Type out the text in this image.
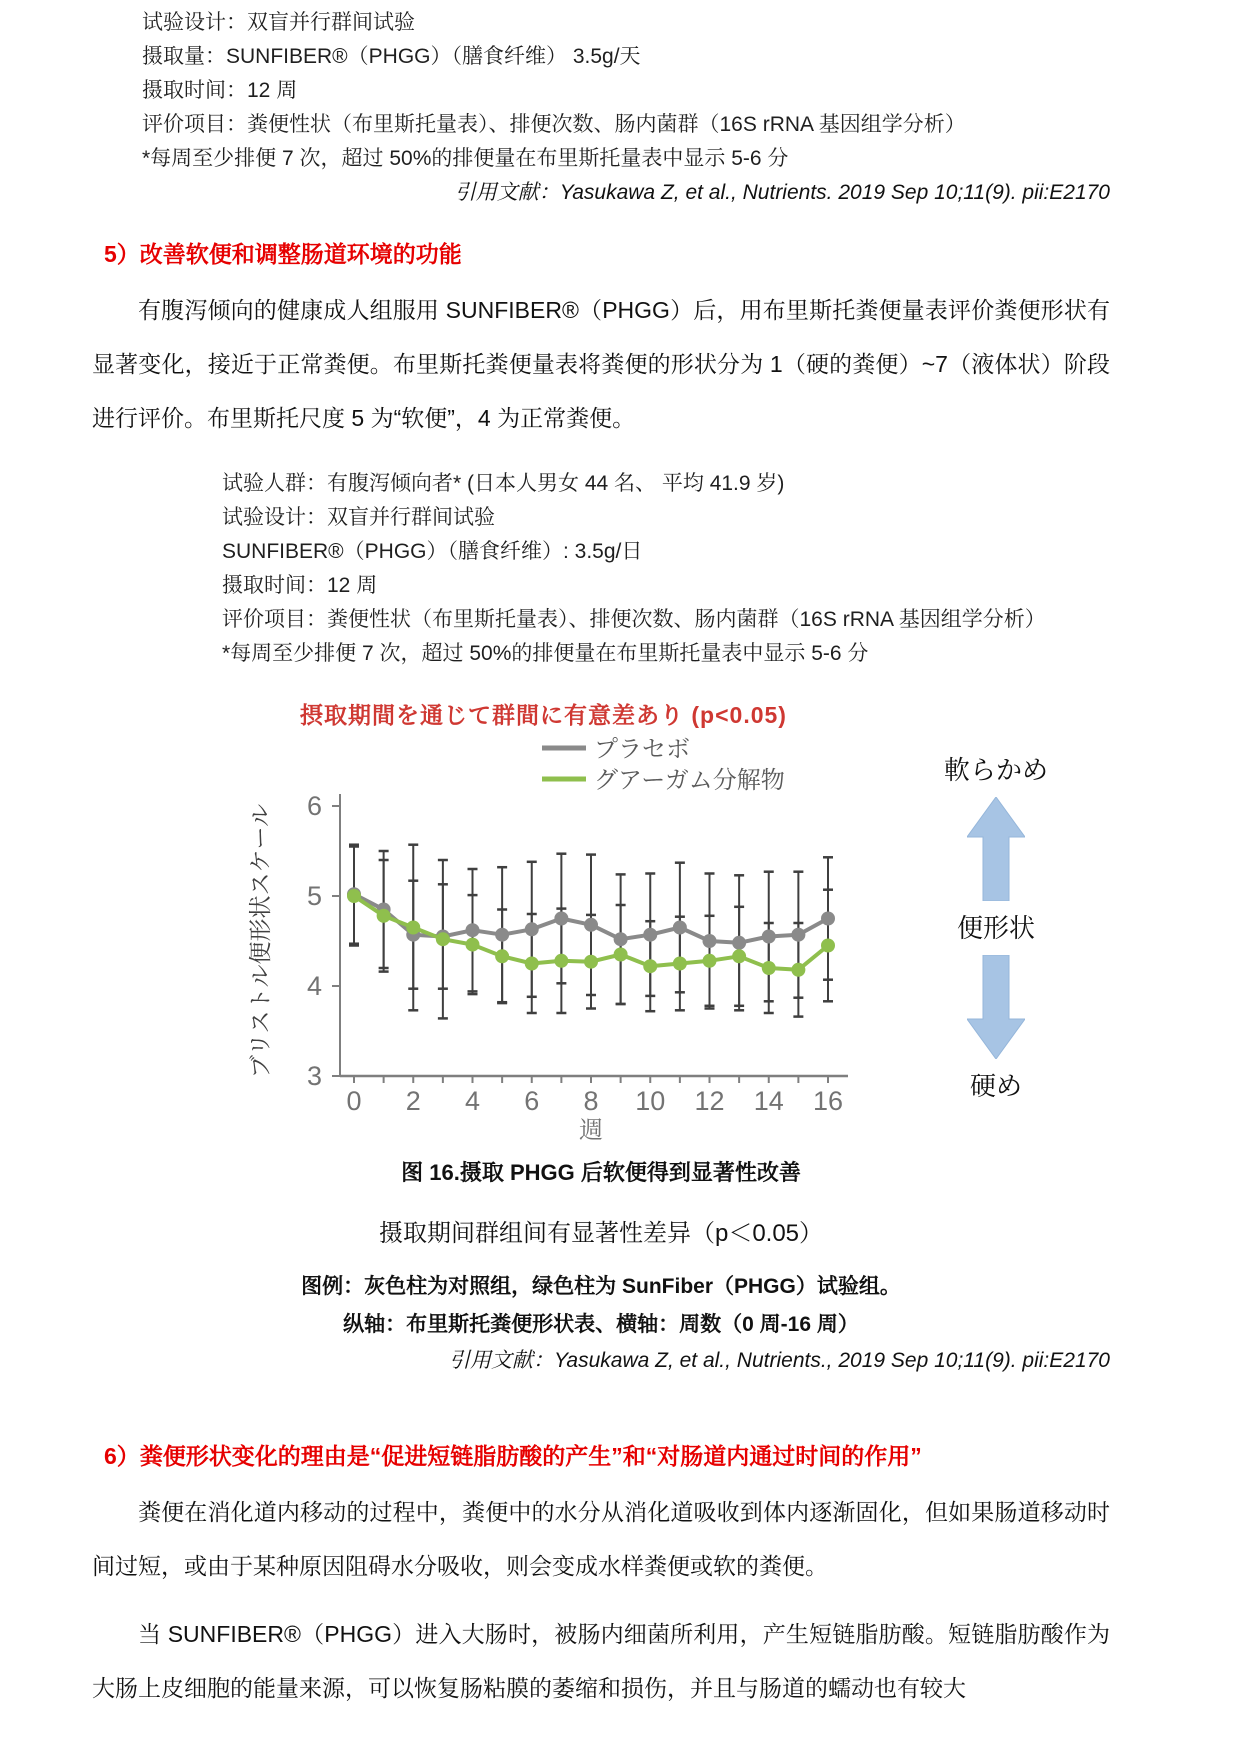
试验设计：双盲并行群间试验
摄取量：SUNFIBER®（PHGG）（膳食纤维） 3.5g/天
摄取时间：12 周
评价项目：粪便性状（布里斯托量表）、排便次数、肠内菌群（16S rRNA 基因组学分析）
*每周至少排便 7 次，超过 50%的排便量在布里斯托量表中显示 5-6 分
引用文献：Yasukawa Z, et al., Nutrients. 2019 Sep 10;11(9). pii:E2170
5）改善软便和调整肠道环境的功能
有腹泻倾向的健康成人组服用 SUNFIBER®（PHGG）后，用布里斯托粪便量表评价粪便形状有显著变化，接近于正常粪便。布里斯托粪便量表将粪便的形状分为 1（硬的粪便）~7（液体状）阶段进行评价。布里斯托尺度 5 为“软便”，4 为正常粪便。
试验人群：有腹泻倾向者* (日本人男女 44 名、 平均 41.9 岁)
试验设计：双盲并行群间试验
SUNFIBER®（PHGG）（膳食纤维）: 3.5g/日
摄取时间：12 周
评价项目：粪便性状（布里斯托量表）、排便次数、肠内菌群（16S rRNA 基因组学分析）
*每周至少排便 7 次，超过 50%的排便量在布里斯托量表中显示 5-6 分
摂取期間を通じて群間に有意差あり (p<0.05)
3
4
5
6
0 2 4 6 8 10 12 14 16
週
ブリストル便形状スケール
プラセボ
グアーガム分解物	軟らかめ
便形状
硬め
图 16.摄取 PHGG 后软便得到显著性改善
摄取期间群组间有显著性差异（p＜0.05）
图例：灰色柱为对照组，绿色柱为 SunFiber（PHGG）试验组。
纵轴：布里斯托粪便形状表、横轴：周数（0 周-16 周）
引用文献：Yasukawa Z, et al., Nutrients., 2019 Sep 10;11(9). pii:E2170
6）粪便形状变化的理由是“促进短链脂肪酸的产生”和“对肠道内通过时间的作用”
粪便在消化道内移动的过程中，粪便中的水分从消化道吸收到体内逐渐固化，但如果肠道移动时间过短，或由于某种原因阻碍水分吸收，则会变成水样粪便或软的粪便。
当 SUNFIBER®（PHGG）进入大肠时，被肠内细菌所利用，产生短链脂肪酸。短链脂肪酸作为大肠上皮细胞的能量来源，可以恢复肠粘膜的萎缩和损伤，并且与肠道的蠕动也有较大
